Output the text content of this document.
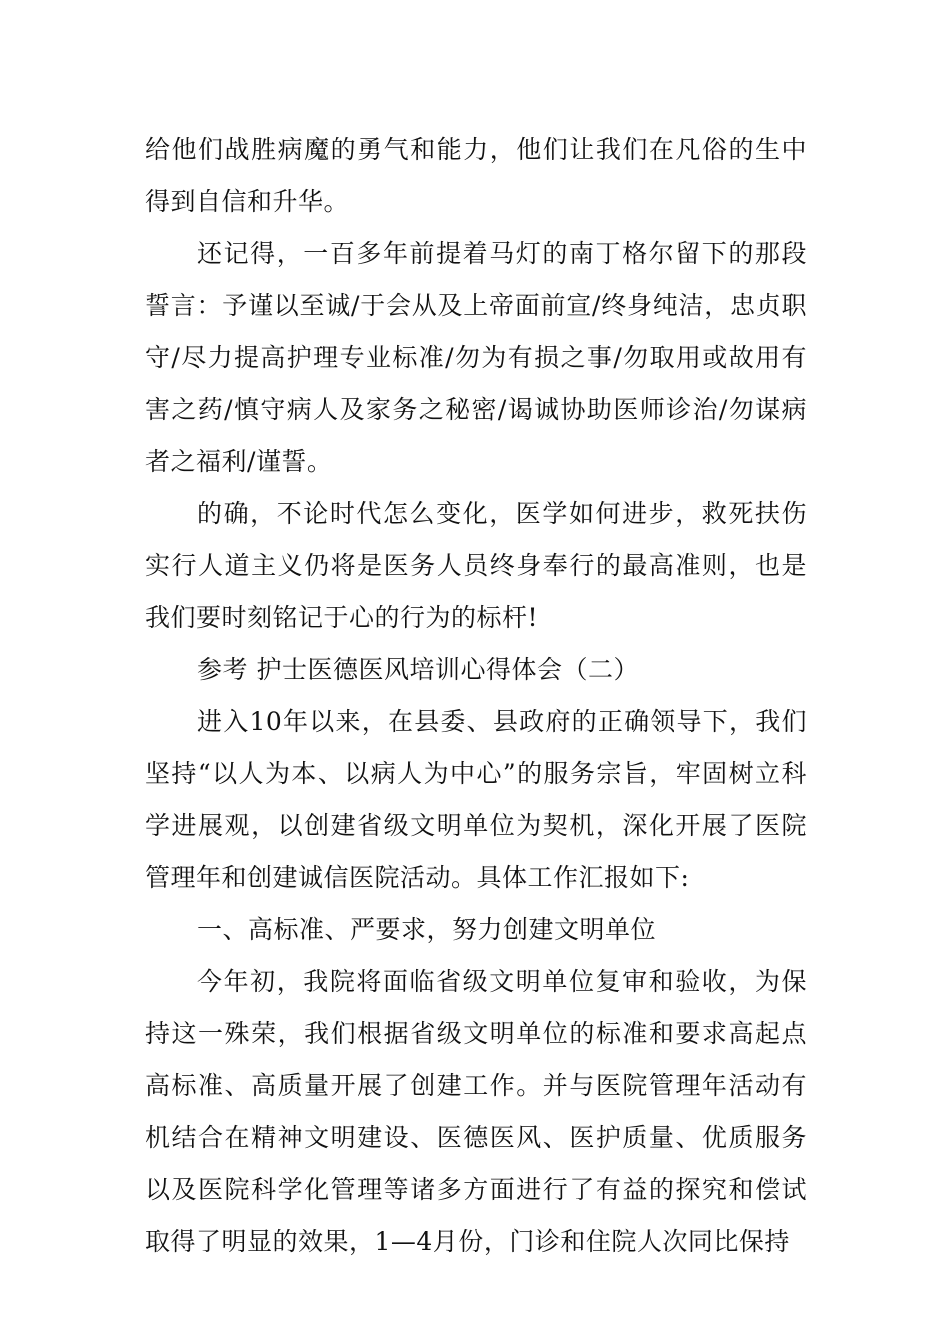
给他们战胜病魔的勇气和能力，他们让我们在凡俗的生中得到自信和升华。

还记得，一百多年前提着马灯的南丁格尔留下的那段誓言：予谨以至诚/于会从及上帝面前宣/终身纯洁，忠贞职守/尽力提高护理专业标准/勿为有损之事/勿取用或故用有害之药/慎守病人及家务之秘密/谒诚协助医师诊治/勿谋病者之福利/谨誓。

的确，不论时代怎么变化，医学如何进步，救死扶伤实行人道主义仍将是医务人员终身奉行的最高准则，也是我们要时刻铭记于心的行为的标杆!

参考 护士医德医风培训心得体会（二）

进入10年以来，在县委、县政府的正确领导下，我们坚持“以人为本、以病人为中心”的服务宗旨，牢固树立科学进展观，以创建省级文明单位为契机，深化开展了医院管理年和创建诚信医院活动。具体工作汇报如下:

一、高标准、严要求，努力创建文明单位

今年初，我院将面临省级文明单位复审和验收，为保持这一殊荣，我们根据省级文明单位的标准和要求高起点高标准、高质量开展了创建工作。并与医院管理年活动有机结合在精神文明建设、医德医风、医护质量、优质服务以及医院科学化管理等诸多方面进行了有益的探究和偿试取得了明显的效果，1—4月份，门诊和住院人次同比保持
